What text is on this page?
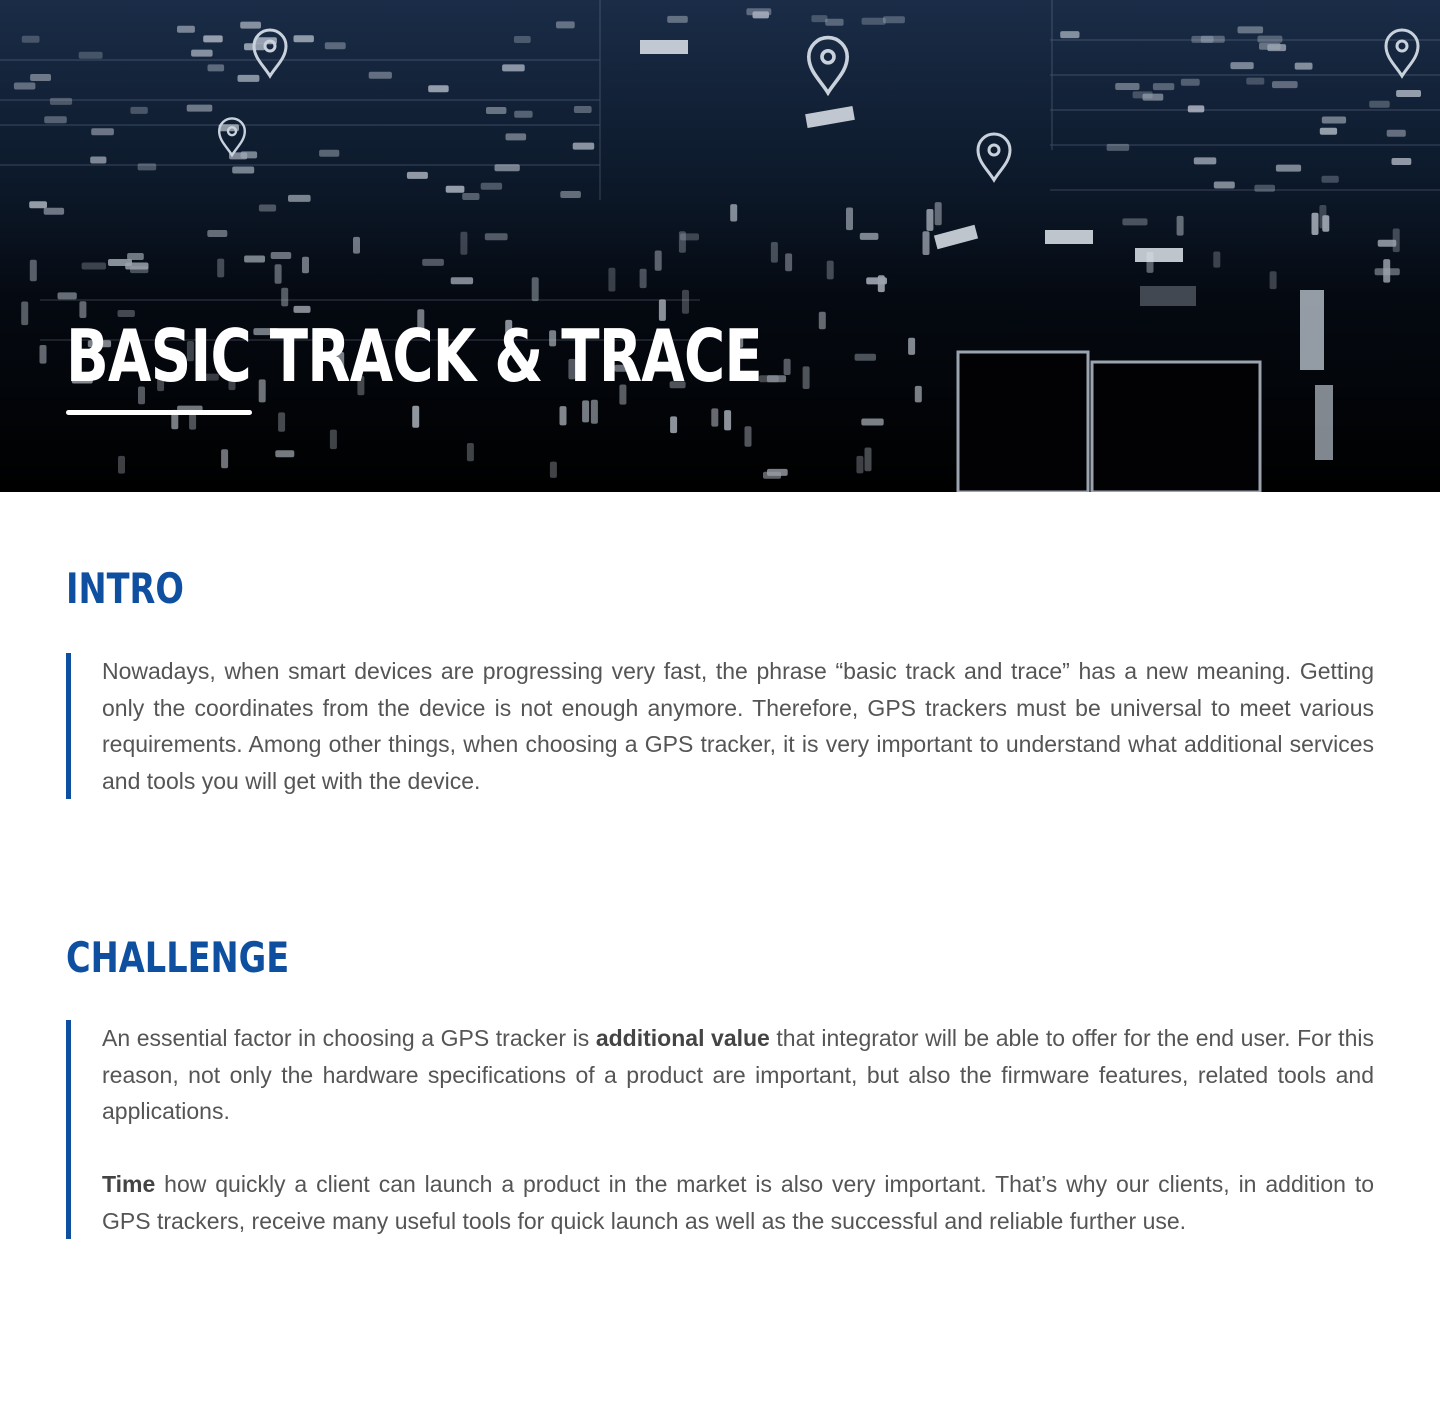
BASIC TRACK & TRACE
INTRO

Nowadays, when smart devices are progressing very fast, the phrase “basic track and trace” has a new meaning. Getting only the coordinates from the device is not enough anymore. Therefore, GPS trackers must be universal to meet various requirements. Among other things, when choosing a GPS tracker, it is very important to understand what additional services and tools you will get with the device.

CHALLENGE

An essential factor in choosing a GPS tracker is additional value that integrator will be able to offer for the end user. For this reason, not only the hardware specifications of a product are important, but also the firmware features, related tools and applications.

Time how quickly a client can launch a product in the market is also very important. That’s why our clients, in addition to GPS trackers, receive many useful tools for quick launch as well as the successful and reliable further use.
